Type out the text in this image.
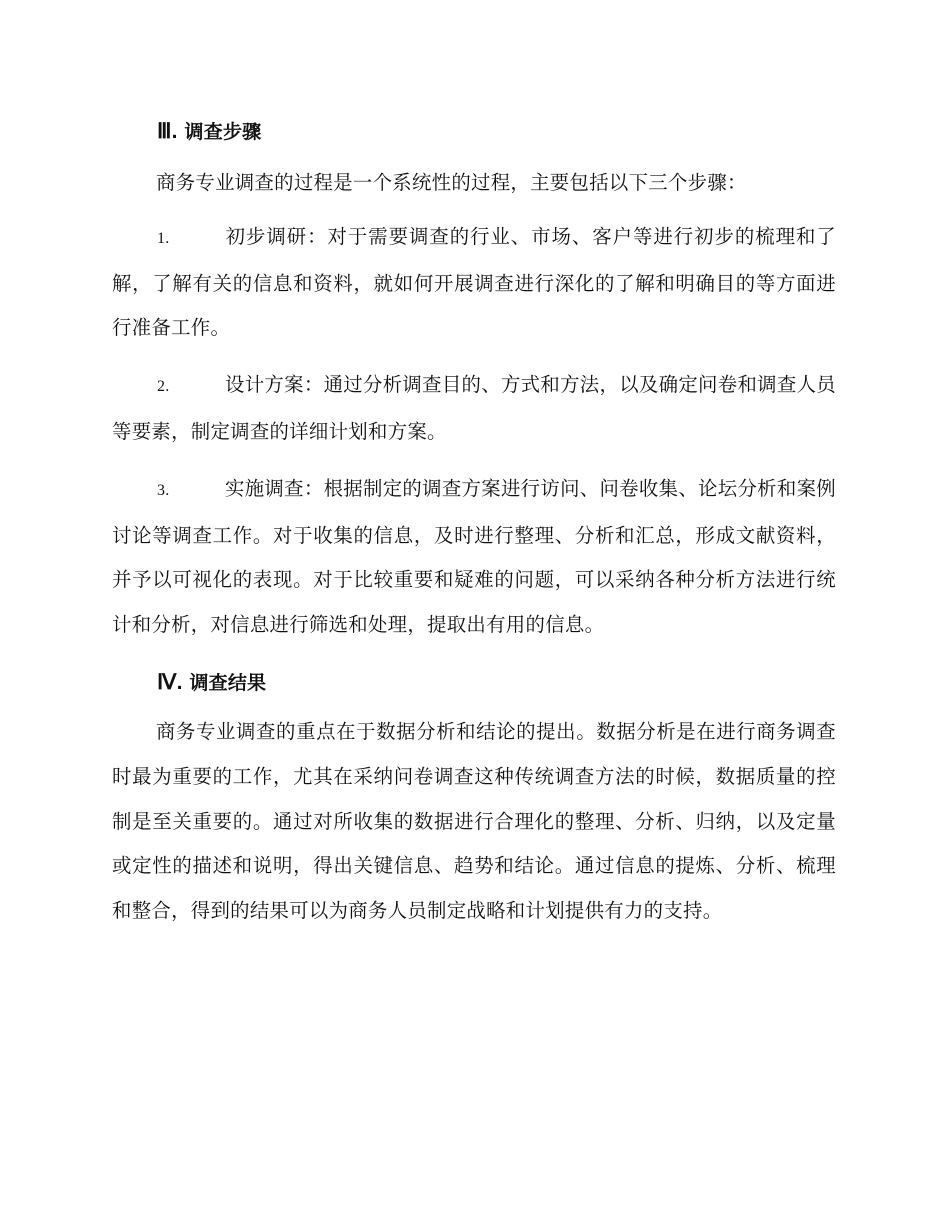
Ⅲ. 调查步骤

商务专业调查的过程是一个系统性的过程，主要包括以下三个步骤：

1.	初步调研：对于需要调查的行业、市场、客户等进行初步的梳理和了解，了解有关的信息和资料，就如何开展调查进行深化的了解和明确目的等方面进行准备工作。

2.	设计方案：通过分析调查目的、方式和方法，以及确定问卷和调查人员等要素，制定调查的详细计划和方案。

3.	实施调查：根据制定的调查方案进行访问、问卷收集、论坛分析和案例讨论等调查工作。对于收集的信息，及时进行整理、分析和汇总，形成文献资料，并予以可视化的表现。对于比较重要和疑难的问题，可以采纳各种分析方法进行统计和分析，对信息进行筛选和处理，提取出有用的信息。

Ⅳ. 调查结果

商务专业调查的重点在于数据分析和结论的提出。数据分析是在进行商务调查时最为重要的工作，尤其在采纳问卷调查这种传统调查方法的时候，数据质量的控制是至关重要的。通过对所收集的数据进行合理化的整理、分析、归纳，以及定量或定性的描述和说明，得出关键信息、趋势和结论。通过信息的提炼、分析、梳理和整合，得到的结果可以为商务人员制定战略和计划提供有力的支持。
